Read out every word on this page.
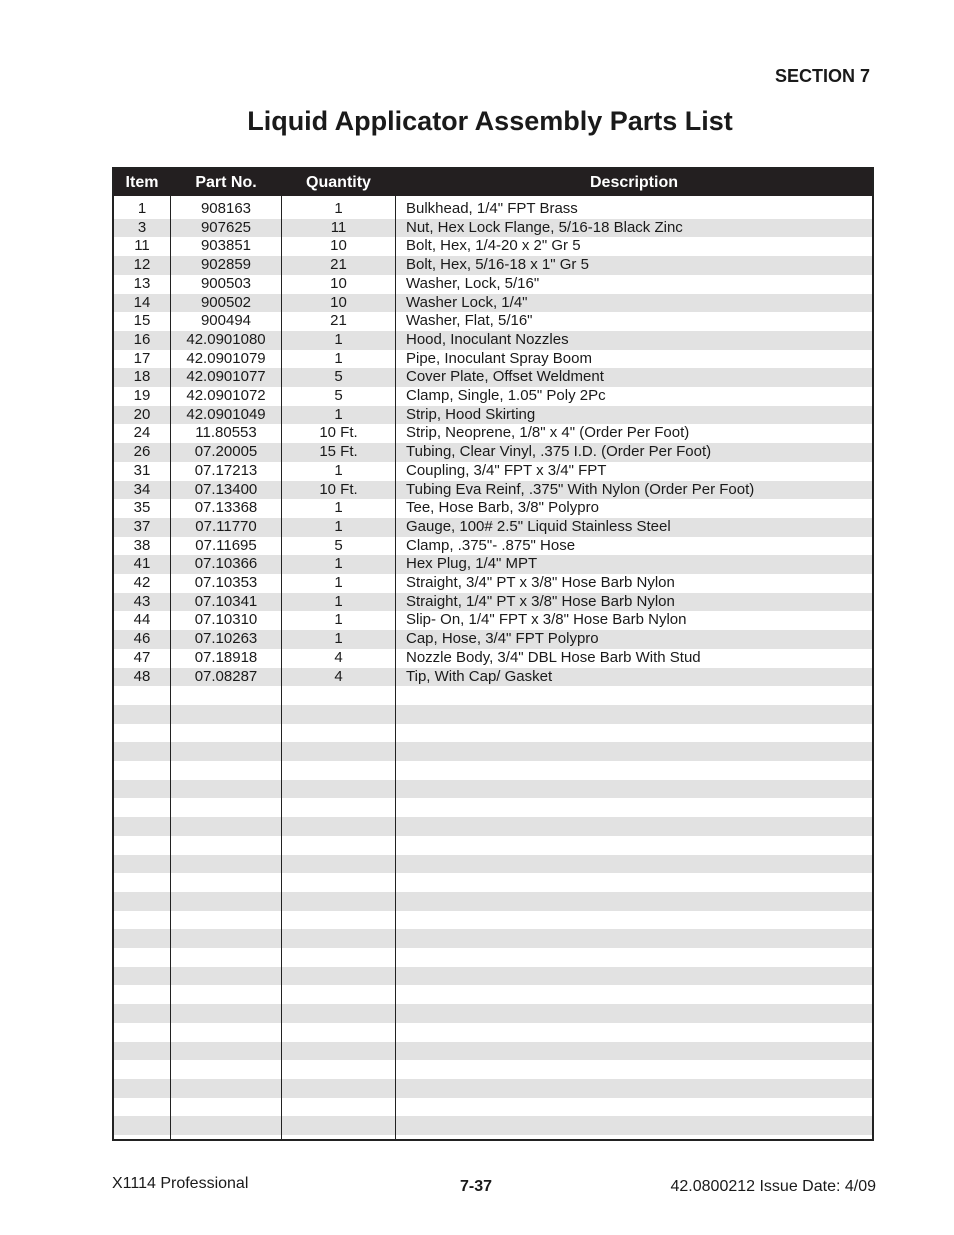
SECTION 7
Liquid Applicator Assembly Parts List
Item	Part No.	Quantity	Description
1	908163	1	Bulkhead, 1/4" FPT Brass
3	907625	11	Nut, Hex Lock Flange, 5/16-18 Black Zinc
11	903851	10	Bolt, Hex, 1/4-20 x 2" Gr 5
12	902859	21	Bolt, Hex, 5/16-18 x 1" Gr 5
13	900503	10	Washer, Lock, 5/16"
14	900502	10	Washer Lock, 1/4"
15	900494	21	Washer, Flat, 5/16"
16	42.0901080	1	Hood, Inoculant Nozzles
17	42.0901079	1	Pipe, Inoculant Spray Boom
18	42.0901077	5	Cover Plate, Offset Weldment
19	42.0901072	5	Clamp, Single, 1.05" Poly 2Pc
20	42.0901049	1	Strip, Hood Skirting
24	11.80553	10 Ft.	Strip, Neoprene, 1/8" x 4" (Order Per Foot)
26	07.20005	15 Ft.	Tubing, Clear Vinyl, .375 I.D. (Order Per Foot)
31	07.17213	1	Coupling, 3/4" FPT x 3/4" FPT
34	07.13400	10 Ft.	Tubing Eva Reinf, .375" With Nylon (Order Per Foot)
35	07.13368	1	Tee, Hose Barb, 3/8" Polypro
37	07.11770	1	Gauge, 100# 2.5" Liquid Stainless Steel
38	07.11695	5	Clamp, .375"- .875" Hose
41	07.10366	1	Hex Plug, 1/4" MPT
42	07.10353	1	Straight, 3/4" PT x 3/8" Hose Barb Nylon
43	07.10341	1	Straight, 1/4" PT x 3/8" Hose Barb Nylon
44	07.10310	1	Slip- On, 1/4" FPT x 3/8" Hose Barb Nylon
46	07.10263	1	Cap, Hose, 3/4" FPT Polypro
47	07.18918	4	Nozzle Body, 3/4" DBL Hose Barb With Stud
48	07.08287	4	Tip, With Cap/ Gasket
X1114 Professional	7-37	42.0800212 Issue Date: 4/09
